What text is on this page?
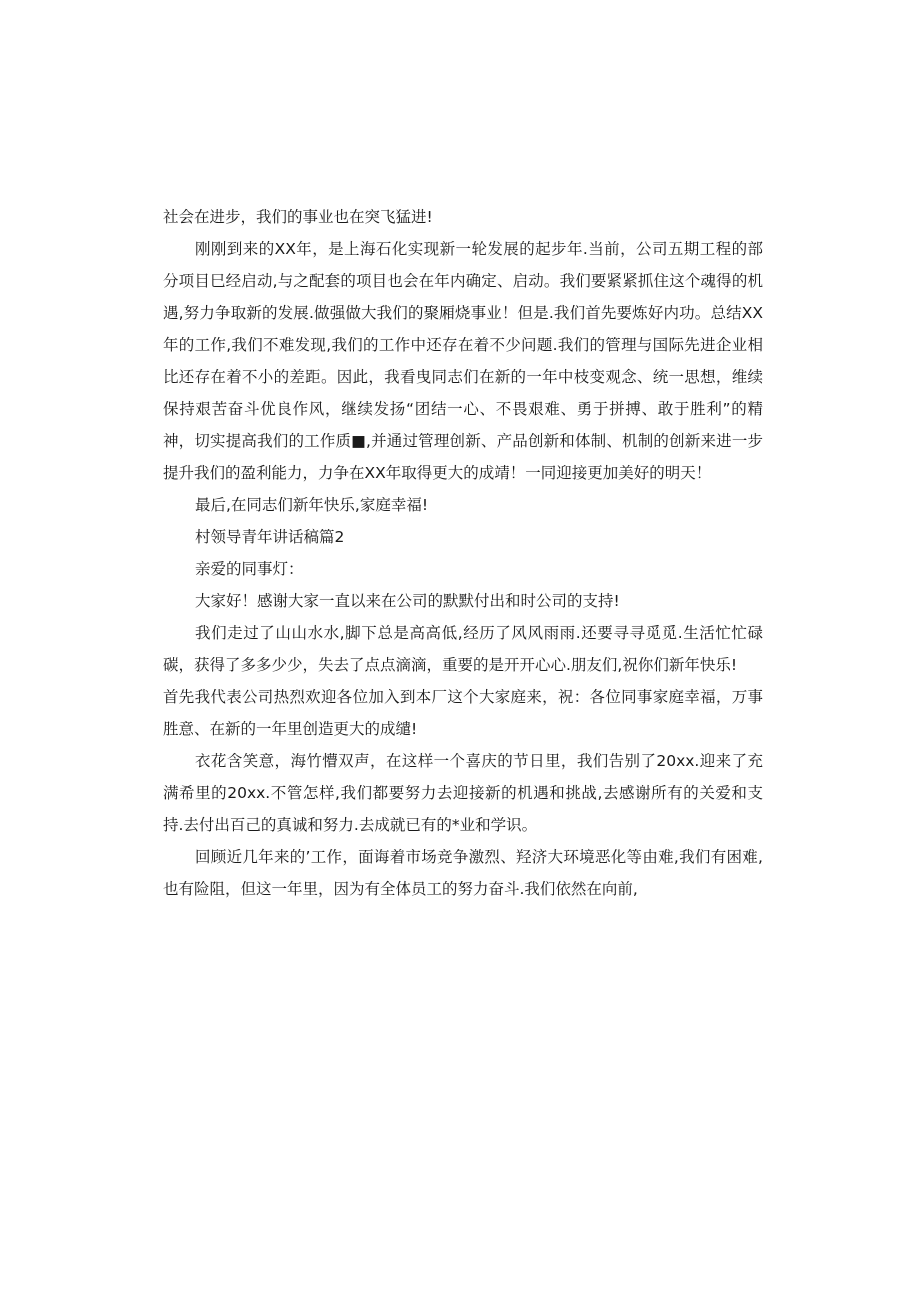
社会在进步，我们的事业也在突飞猛进!

刚刚到来的XX年，是上海石化实现新一轮发展的起步年.当前，公司五期工程的部分项目巳经启动,与之配套的项目也会在年内确定、启动。我们要紧紧抓住这个魂得的机遇,努力争取新的发展.做强做大我们的聚厢烧事业！但是.我们首先要炼好内功。总结XX年的工作,我们不难发现,我们的工作中还存在着不少问题.我们的管理与国际先进企业相比还存在着不小的差距。因此，我看曳同志们在新的一年中枝变观念、统一思想，维续保持艰苦奋斗优良作风，继续发扬“团结一心、不畏艰难、勇于拼搏、敢于胜利”的精神，切实提高我们的工作质■,并通过管理创新、产品创新和体制、机制的创新来进一步提升我们的盈利能力，力争在XX年取得更大的成靖！一同迎接更加美好的明天！

最后,在同志们新年快乐,家庭幸福!

村领导青年讲话稿篇2

亲爱的同事灯：

大家好！感谢大家一直以来在公司的默默付出和时公司的支持!

我们走过了山山水水,脚下总是高高低,经历了风风雨雨.还要寻寻觅觅.生活忙忙碌碳，获得了多多少少，失去了点点滴滴，重要的是开开心心.朋友们,祝你们新年快乐!

首先我代表公司热烈欢迎各位加入到本厂这个大家庭来，祝：各位同事家庭幸福，万事胜意、在新的一年里创造更大的成缱!

衣花含笑意，海竹懵双声，在这样一个喜庆的节日里，我们告别了20xx.迎来了充满希里的20xx.不管怎样,我们都要努力去迎接新的机遇和挑战,去感谢所有的关爱和支持.去付出百己的真诚和努力.去成就已有的*业和学识。

回顾近几年来的’工作，面诲着市场竞争激烈、羟济大环境恶化等由难,我们有困难,也有险阻，但这一年里，因为有全体员工的努力奋斗.我们依然在向前,
